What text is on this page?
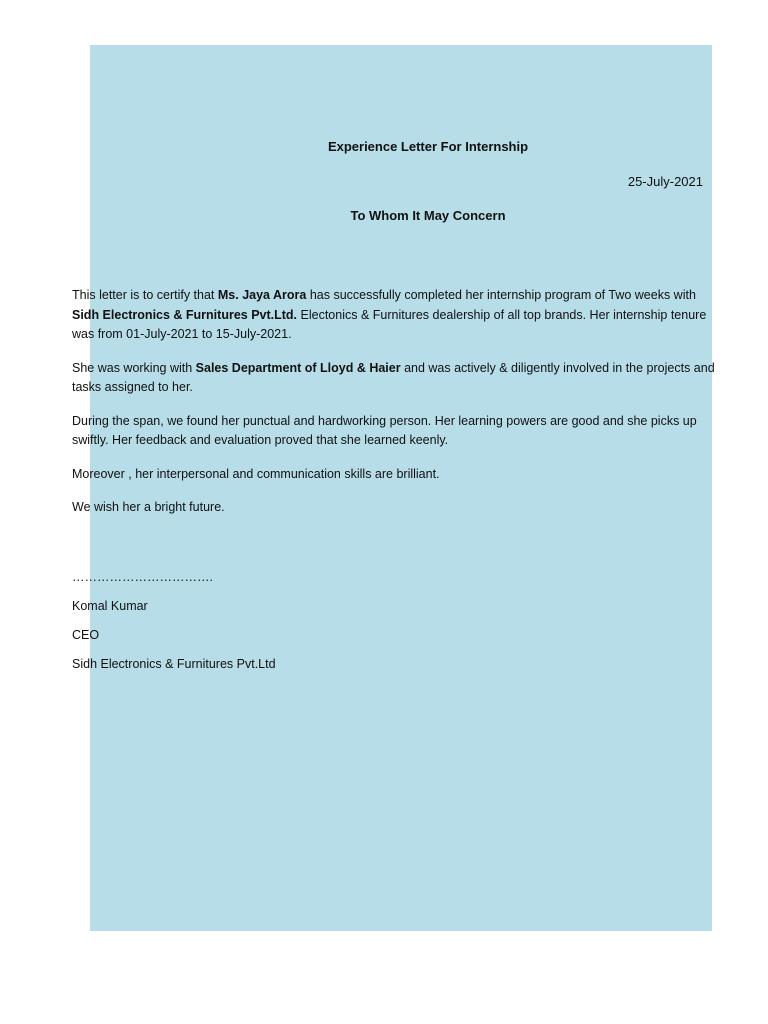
Experience Letter For Internship
25-July-2021
To Whom It May Concern

This letter is to certify that Ms. Jaya Arora has successfully completed her internship program of Two weeks with Sidh Electronics & Furnitures Pvt.Ltd. Electonics & Furnitures dealership of all top brands. Her internship tenure was from 01-July-2021 to 15-July-2021.

She was working with Sales Department of Lloyd & Haier and was actively & diligently involved in the projects and tasks assigned to her.

During the span, we found her punctual and hardworking person. Her learning powers are good and she picks up swiftly. Her feedback and evaluation proved that she learned keenly.

Moreover , her interpersonal and communication skills are brilliant.

We wish her a bright future.

…………………………….
Komal Kumar
CEO
Sidh Electronics & Furnitures Pvt.Ltd
